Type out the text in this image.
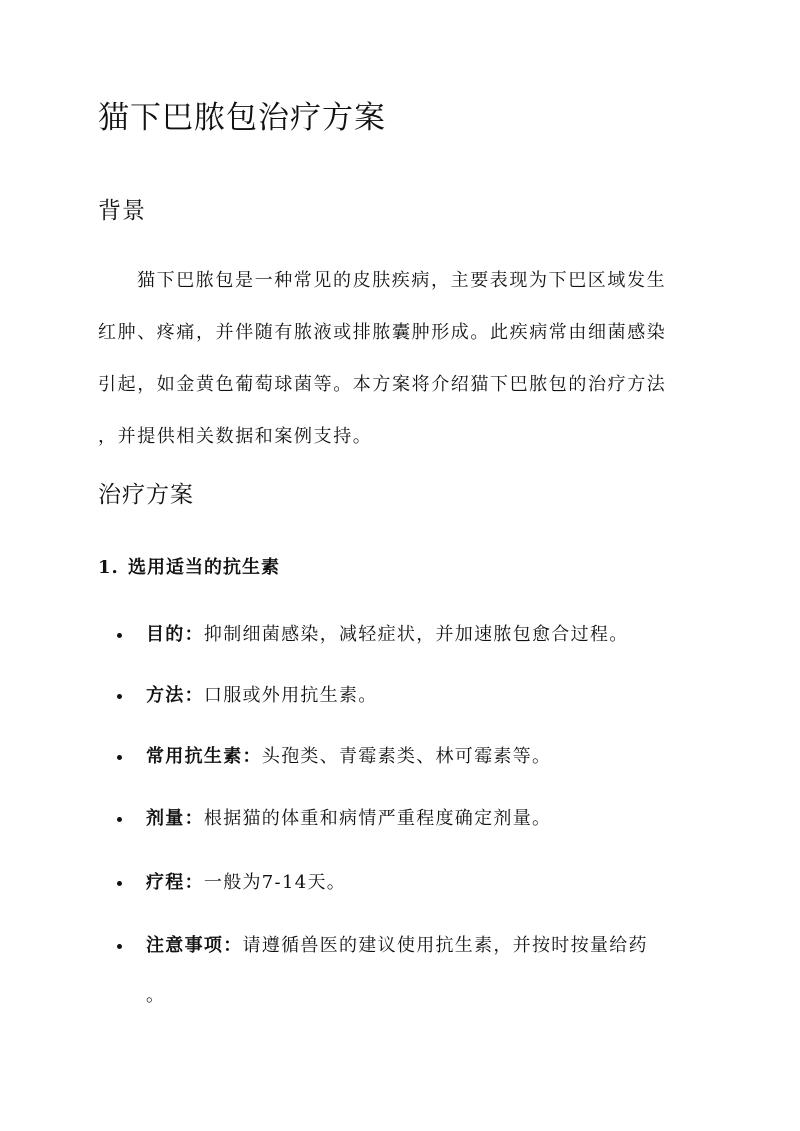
猫下巴脓包治疗方案
背景
猫下巴脓包是一种常见的皮肤疾病，主要表现为下巴区域发生
红肿、疼痛，并伴随有脓液或排脓囊肿形成。此疾病常由细菌感染
引起，如金黄色葡萄球菌等。本方案将介绍猫下巴脓包的治疗方法
，并提供相关数据和案例支持。
治疗方案
1. 选用适当的抗生素
目的：抑制细菌感染，减轻症状，并加速脓包愈合过程。
方法：口服或外用抗生素。
常用抗生素：头孢类、青霉素类、林可霉素等。
剂量：根据猫的体重和病情严重程度确定剂量。
疗程：一般为7-14天。
注意事项：请遵循兽医的建议使用抗生素，并按时按量给药
。
